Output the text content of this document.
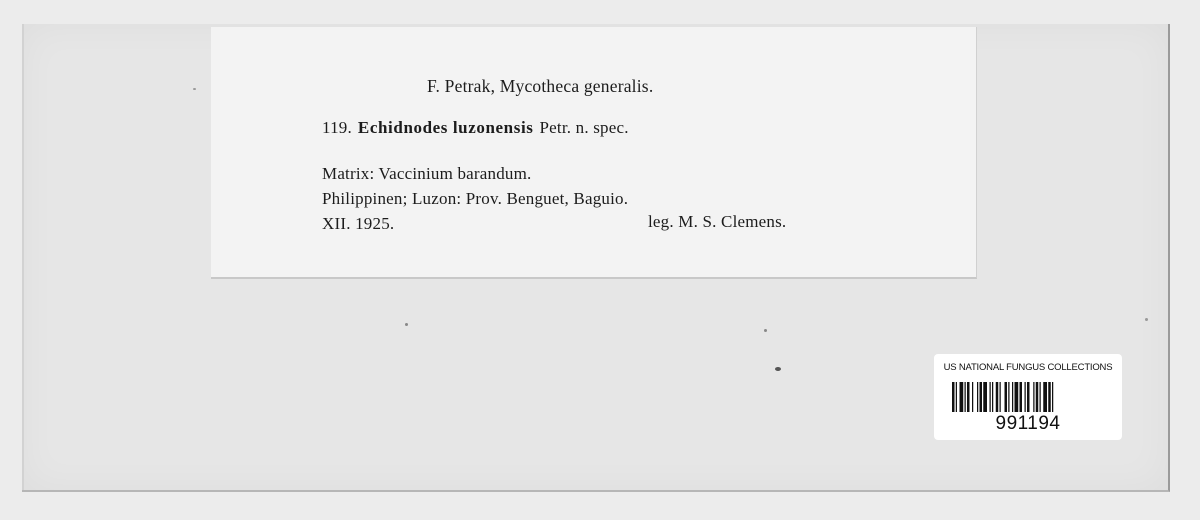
F. Petrak, Mycotheca generalis.
119. Echidnodes luzonensis Petr. n. spec.
Matrix: Vaccinium barandum.
Philippinen; Luzon: Prov. Benguet, Baguio.
XII. 1925.	leg. M. S. Clemens.
US NATIONAL FUNGUS COLLECTIONS
991194
